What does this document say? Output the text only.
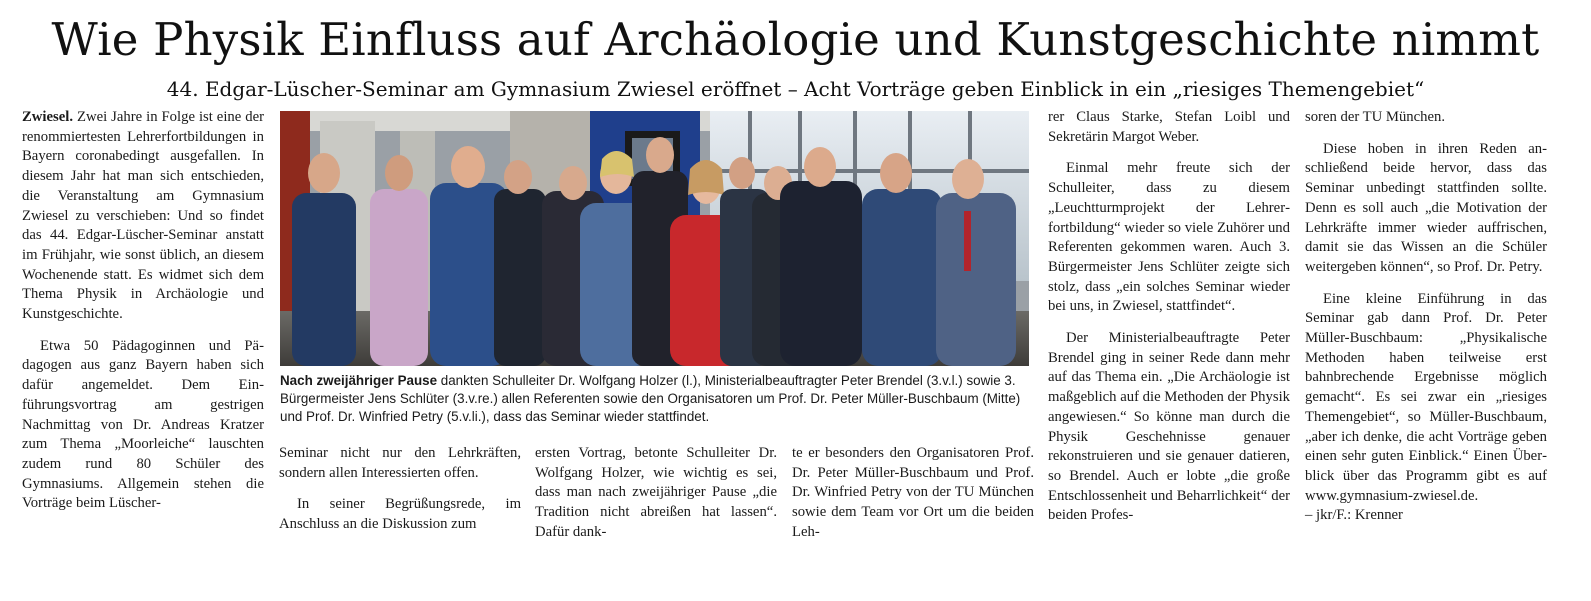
Wie Physik Einfluss auf Archäologie und Kunstgeschichte nimmt
44. Edgar-Lüscher-Seminar am Gymnasium Zwiesel eröffnet – Acht Vorträge geben Einblick in ein „riesiges Themengebiet“

Zwiesel. Zwei Jahre in Folge ist eine der renommiertesten Lehrerfortbildungen in Bayern coronabedingt ausgefallen. In diesem Jahr hat man sich entschieden, die Veranstaltung am Gymnasium Zwiesel zu verschieben: Und so findet das 44. Edgar-Lüscher-Seminar anstatt im Frühjahr, wie sonst üblich, an diesem Wochenende statt. Es widmet sich dem Thema Physik in Archäologie und Kunstgeschichte.

Etwa 50 Pädagoginnen und Pädagogen aus ganz Bayern haben sich dafür angemeldet. Dem Einführungsvortrag am gestrigen Nachmittag von Dr. Andreas Kratzer zum Thema „Moorleiche“ lauschten zudem rund 80 Schüler des Gymnasiums. Allgemein stehen die Vorträge beim Lüscher-

Nach zweijähriger Pause dankten Schulleiter Dr. Wolfgang Holzer (l.), Ministerialbeauftragter Peter Brendel (3.v.l.) sowie 3. Bürgermeister Jens Schlüter (3.v.re.) allen Referenten sowie den Organisatoren um Prof. Dr. Peter Müller-Buschbaum (Mitte) und Prof. Dr. Winfried Petry (5.v.li.), dass das Seminar wieder stattfindet.

Seminar nicht nur den Lehrkräften, sondern allen Interessierten offen.

In seiner Begrüßungsrede, im Anschluss an die Diskussion zum

ersten Vortrag, betonte Schulleiter Dr. Wolfgang Holzer, wie wichtig es sei, dass man nach zweijähriger Pause „die Tradition nicht abreißen hat lassen“. Dafür dank-

te er besonders den Organisatoren Prof. Dr. Peter Müller-Buschbaum und Prof. Dr. Winfried Petry von der TU München sowie dem Team vor Ort um die beiden Leh-

rer Claus Starke, Stefan Loibl und Sekretärin Margot Weber.

Einmal mehr freute sich der Schulleiter, dass zu diesem „Leuchtturmprojekt der Lehrerfortbildung“ wieder so viele Zuhörer und Referenten gekommen waren. Auch 3. Bürgermeister Jens Schlüter zeigte sich stolz, dass „ein solches Seminar wieder bei uns, in Zwiesel, stattfindet“.

Der Ministerialbeauftragte Peter Brendel ging in seiner Rede dann mehr auf das Thema ein. „Die Archäologie ist maßgeblich auf die Methoden der Physik angewiesen.“ So könne man durch die Physik Geschehnisse genauer rekonstruieren und sie genauer datieren, so Brendel. Auch er lobte „die große Entschlossenheit und Beharrlichkeit“ der beiden Profes-

soren der TU München.

Diese hoben in ihren Reden anschließend beide hervor, dass das Seminar unbedingt stattfinden sollte. Denn es soll auch „die Motivation der Lehrkräfte immer wieder auffrischen, damit sie das Wissen an die Schüler weitergeben können“, so Prof. Dr. Petry.

Eine kleine Einführung in das Seminar gab dann Prof. Dr. Peter Müller-Buschbaum: „Physikalische Methoden haben teilweise erst bahnbrechende Ergebnisse möglich gemacht“. Es sei zwar ein „riesiges Themengebiet“, so Müller-Buschbaum, „aber ich denke, die acht Vorträge geben einen sehr guten Einblick.“ Einen Überblick über das Programm gibt es auf www.gymnasium-zwiesel.de.

– jkr/F.: Krenner
